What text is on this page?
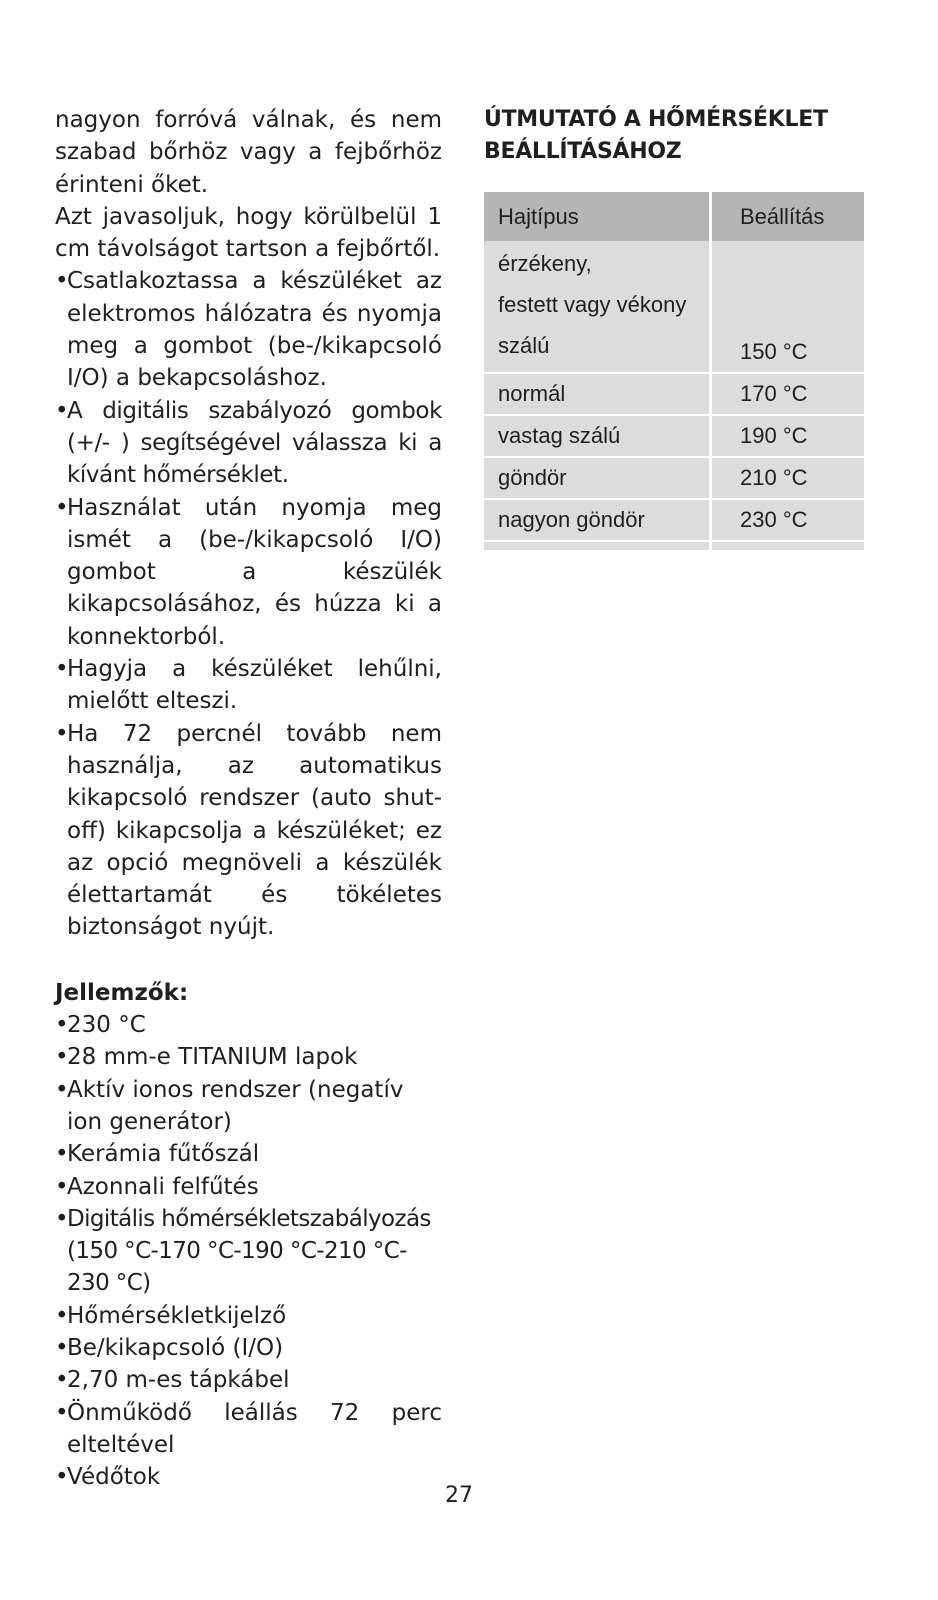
nagyon forróvá válnak, és nem szabad bőrhöz vagy a fejbőrhöz érinteni őket.

Azt javasoljuk, hogy körülbelül 1 cm távolságot tartson a fejbőrtől.

•
Csatlakoztassa a készüléket az elektromos hálózatra és nyomja meg a gombot (be-/kikapcsoló I/O) a bekapcsoláshoz.

•
A digitális szabályozó gombok (+/- ) segítségével válassza ki a kívánt hőmérséklet.

•
Használat után nyomja meg ismét a (be-/kikapcsoló I/O) gombot a készülék kikapcsolásához, és húzza ki a konnektorból.

•
Hagyja a készüléket lehűlni, mielőtt elteszi.

•
Ha 72 percnél tovább nem használja, az automatikus kikapcsoló rendszer (auto shut-off) kikapcsolja a készüléket; ez az opció megnöveli a készülék élettartamát és tökéletes biztonságot nyújt.

Jellemzők:

•
230 °C

•
28 mm-e TITANIUM lapok

•
Aktív ionos rendszer (negatív ion generátor)

•
Kerámia fűtőszál

•
Azonnali felfűtés

• Digitális hőmérsékletszabályozás (150 °C-170 °C-190 °C-210 °C-230 °C)

•
Hőmérsékletkijelző

•
Be/kikapcsoló (I/O)

•
2,70 m-es tápkábel

•
Önműködő leállás 72 perc elteltével

•
Védőtok

ÚTMUTATÓ A HŐMÉRSÉKLET
BEÁLLÍTÁSÁHOZ

Hajtípus	Beállítás

érzékeny,
festett vagy vékony
szálú	150 °C
normál	170 °C
vastag szálú	190 °C
göndör	210 °C
nagyon göndör	230 °C

27
